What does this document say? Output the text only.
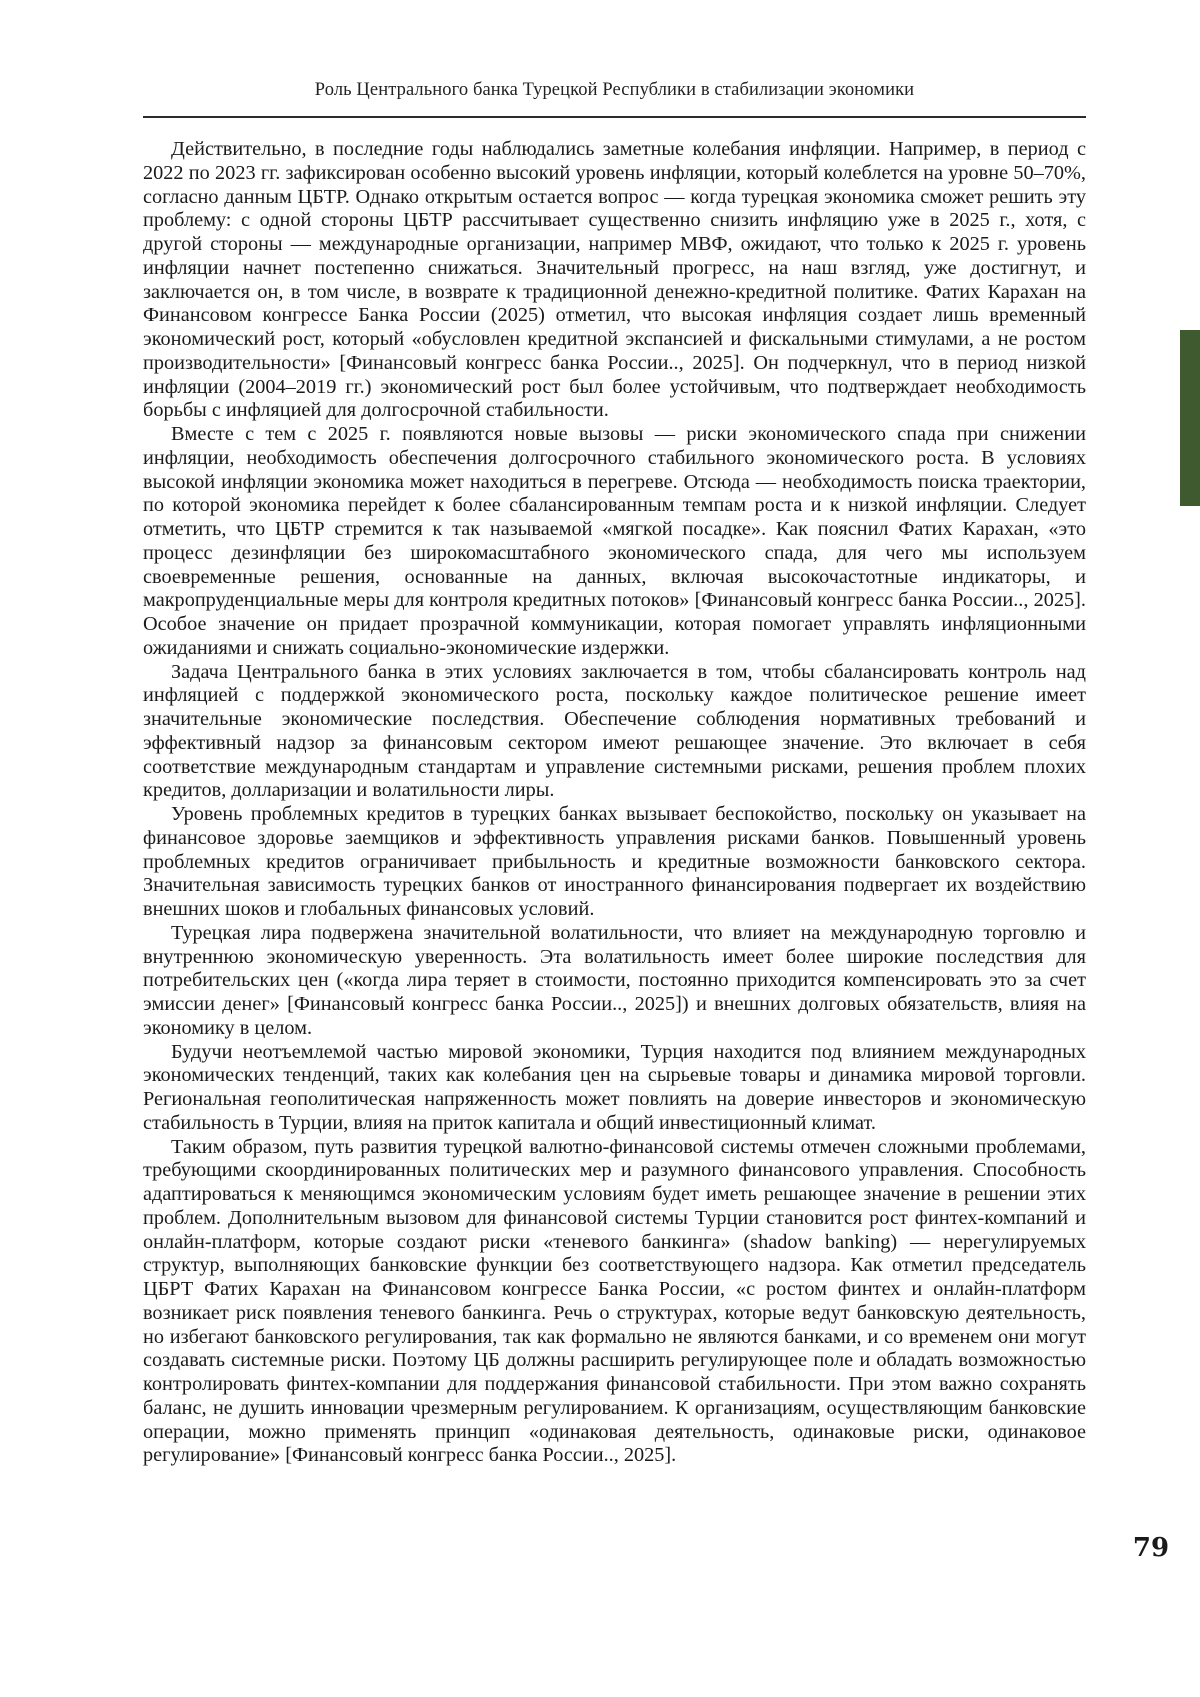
Роль Центрального банка Турецкой Республики в стабилизации экономики

Действительно, в последние годы наблюдались заметные колебания инфляции. Например, в период с 2022 по 2023 гг. зафиксирован особенно высокий уровень инфляции, который колеблется на уровне 50–70%, согласно данным ЦБТР. Однако открытым остается вопрос — когда турецкая экономика сможет решить эту проблему: с одной стороны ЦБТР рассчитывает существенно снизить инфляцию уже в 2025 г., хотя, с другой стороны — международные организации, например МВФ, ожидают, что только к 2025 г. уровень инфляции начнет постепенно снижаться. Значительный прогресс, на наш взгляд, уже достигнут, и заключается он, в том числе, в возврате к традиционной денежно-кредитной политике. Фатих Карахан на Финансовом конгрессе Банка России (2025) отметил, что высокая инфляция создает лишь временный экономический рост, который «обусловлен кредитной экспансией и фискальными стимулами, а не ростом производительности» [Финансовый конгресс банка России.., 2025]. Он подчеркнул, что в период низкой инфляции (2004–2019 гг.) экономический рост был более устойчивым, что подтверждает необходимость борьбы с инфляцией для долгосрочной стабильности.

Вместе с тем с 2025 г. появляются новые вызовы — риски экономического спада при снижении инфляции, необходимость обеспечения долгосрочного стабильного экономического роста. В условиях высокой инфляции экономика может находиться в перегреве. Отсюда — необходимость поиска траектории, по которой экономика перейдет к более сбалансированным темпам роста и к низкой инфляции. Следует отметить, что ЦБТР стремится к так называемой «мягкой посадке». Как пояснил Фатих Карахан, «это процесс дезинфляции без широкомасштабного экономического спада, для чего мы используем своевременные решения, основанные на данных, включая высокочастотные индикаторы, и макропруденциальные меры для контроля кредитных потоков» [Финансовый конгресс банка России.., 2025]. Особое значение он придает прозрачной коммуникации, которая помогает управлять инфляционными ожиданиями и снижать социально-экономические издержки.

Задача Центрального банка в этих условиях заключается в том, чтобы сбалансировать контроль над инфляцией с поддержкой экономического роста, поскольку каждое политическое решение имеет значительные экономические последствия. Обеспечение соблюдения нормативных требований и эффективный надзор за финансовым сектором имеют решающее значение. Это включает в себя соответствие международным стандартам и управление системными рисками, решения проблем плохих кредитов, долларизации и волатильности лиры.

Уровень проблемных кредитов в турецких банках вызывает беспокойство, поскольку он указывает на финансовое здоровье заемщиков и эффективность управления рисками банков. Повышенный уровень проблемных кредитов ограничивает прибыльность и кредитные возможности банковского сектора. Значительная зависимость турецких банков от иностранного финансирования подвергает их воздействию внешних шоков и глобальных финансовых условий.

Турецкая лира подвержена значительной волатильности, что влияет на международную торговлю и внутреннюю экономическую уверенность. Эта волатильность имеет более широкие последствия для потребительских цен («когда лира теряет в стоимости, постоянно приходится компенсировать это за счет эмиссии денег» [Финансовый конгресс банка России.., 2025]) и внешних долговых обязательств, влияя на экономику в целом.

Будучи неотъемлемой частью мировой экономики, Турция находится под влиянием международных экономических тенденций, таких как колебания цен на сырьевые товары и динамика мировой торговли. Региональная геополитическая напряженность может повлиять на доверие инвесторов и экономическую стабильность в Турции, влияя на приток капитала и общий инвестиционный климат.

Таким образом, путь развития турецкой валютно-финансовой системы отмечен сложными проблемами, требующими скоординированных политических мер и разумного финансового управления. Способность адаптироваться к меняющимся экономическим условиям будет иметь решающее значение в решении этих проблем. Дополнительным вызовом для финансовой системы Турции становится рост финтех-компаний и онлайн-платформ, которые создают риски «теневого банкинга» (shadow banking) — нерегулируемых структур, выполняющих банковские функции без соответствующего надзора. Как отметил председатель ЦБРТ Фатих Карахан на Финансовом конгрессе Банка России, «с ростом финтех и онлайн-платформ возникает риск появления теневого банкинга. Речь о структурах, которые ведут банковскую деятельность, но избегают банковского регулирования, так как формально не являются банками, и со временем они могут создавать системные риски. Поэтому ЦБ должны расширить регулирующее поле и обладать возможностью контролировать финтех-компании для поддержания финансовой стабильности. При этом важно сохранять баланс, не душить инновации чрезмерным регулированием. К организациям, осуществляющим банковские операции, можно применять принцип «одинаковая деятельность, одинаковые риски, одинаковое регулирование» [Финансовый конгресс банка России.., 2025].

79
